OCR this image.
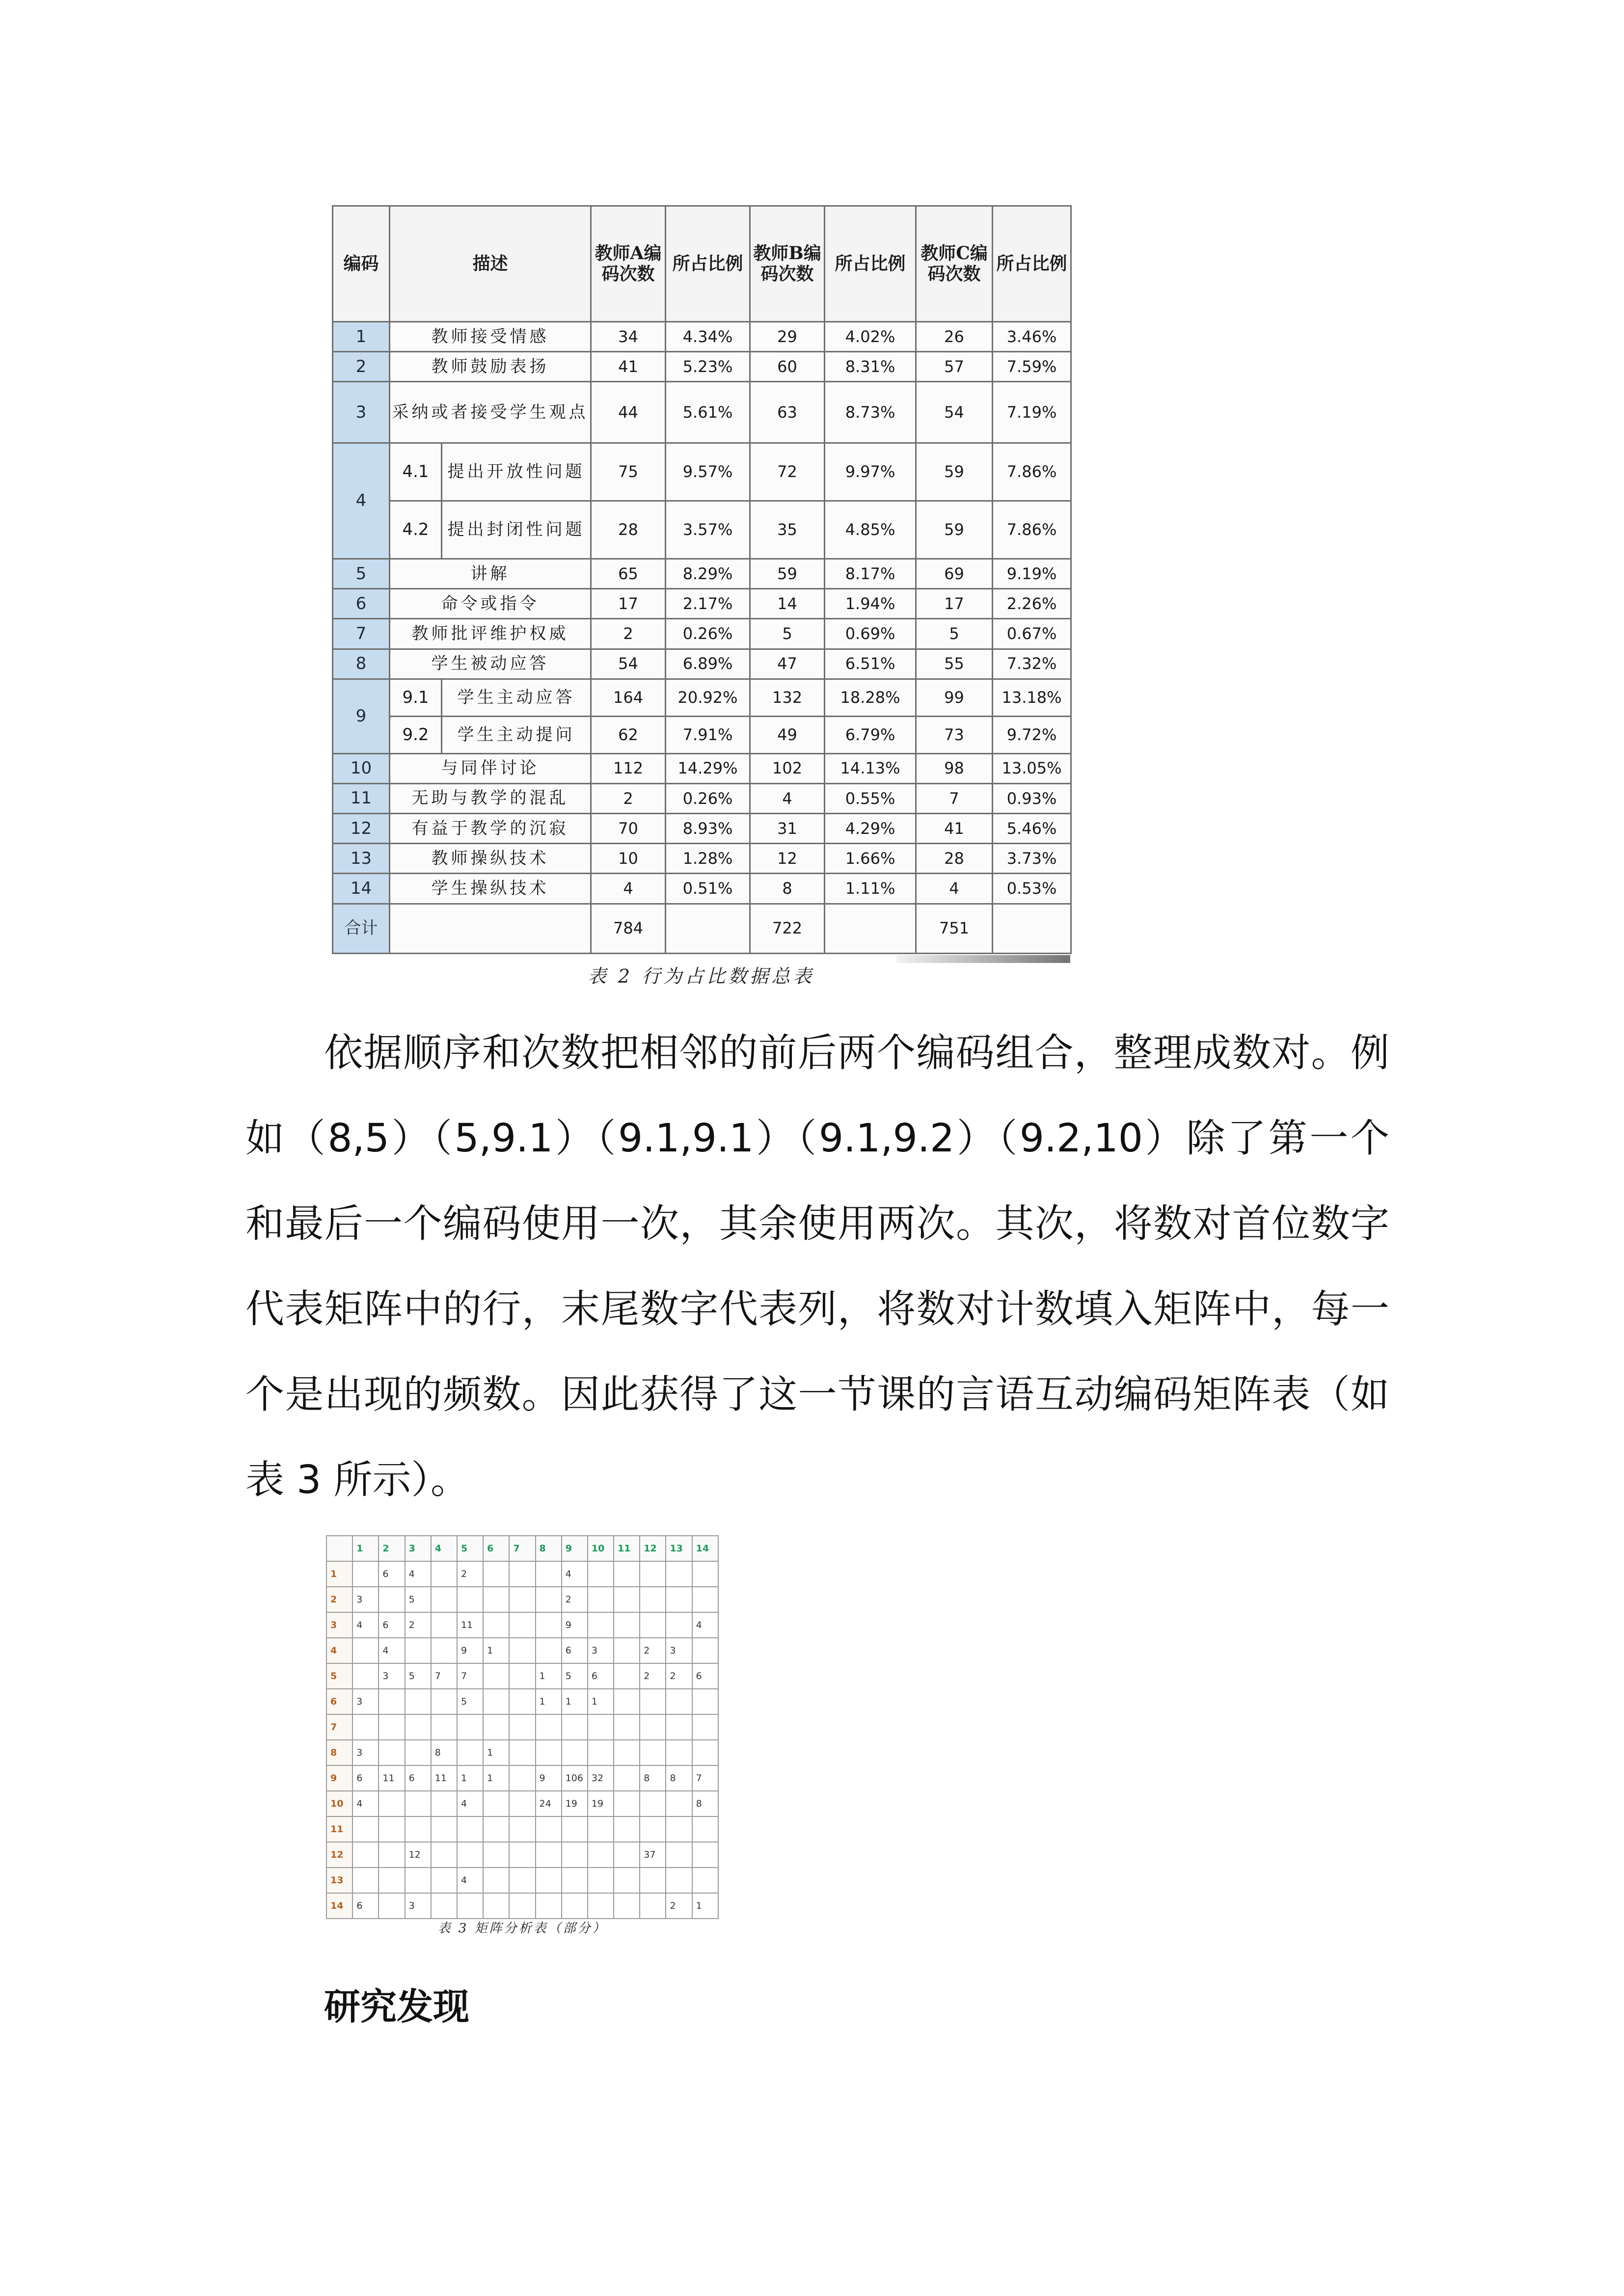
编码	描述		教师A编码次数	所占比例	教师B编码次数	所占比例	教师C编码次数	所占比例
1	教师接受情感		34	4.34%	29	4.02%	26	3.46%
2	教师鼓励表扬		41	5.23%	60	8.31%	57	7.59%
3	采纳或者接受学生观点		44	5.61%	63	8.73%	54	7.19%
4	4.1	提出开放性问题	75	9.57%	72	9.97%	59	7.86%
	4.2	提出封闭性问题	28	3.57%	35	4.85%	59	7.86%
5	讲解		65	8.29%	59	8.17%	69	9.19%
6	命令或指令		17	2.17%	14	1.94%	17	2.26%
7	教师批评维护权威		2	0.26%	5	0.69%	5	0.67%
8	学生被动应答		54	6.89%	47	6.51%	55	7.32%
9	9.1	学生主动应答	164	20.92%	132	18.28%	99	13.18%
	9.2	学生主动提问	62	7.91%	49	6.79%	73	9.72%
10	与同伴讨论		112	14.29%	102	14.13%	98	13.05%
11	无助与教学的混乱		2	0.26%	4	0.55%	7	0.93%
12	有益于教学的沉寂		70	8.93%	31	4.29%	41	5.46%
13	教师操纵技术		10	1.28%	12	1.66%	28	3.73%
14	学生操纵技术		4	0.51%	8	1.11%	4	0.53%
合计			784		722		751	
表 2 行为占比数据总表
依据顺序和次数把相邻的前后两个编码组合，整理成数对。例
如（8,5）（5,9.1）（9.1,9.1）（9.1,9.2）（9.2,10）除了第一个
和最后一个编码使用一次，其余使用两次。其次，将数对首位数字
代表矩阵中的行，末尾数字代表列，将数对计数填入矩阵中，每一
个是出现的频数。因此获得了这一节课的言语互动编码矩阵表（如
表 3 所示）。
	1	2	3	4	5	6	7	8	9	10	11	12	13	14
1		6	4		2				4					
2	3		5						2					
3	4	6	2		11				9					4
4		4			9	1			6	3		2	3	
5		3	5	7	7			1	5	6		2	2	6
6	3				5			1	1	1				
7														
8	3			8		1								
9	6	11	6	11	1	1		9	106	32		8	8	7
10	4				4			24	19	19				8
11														
12			12									37		
13					4									
14	6		3										2	1
表 3 矩阵分析表（部分）
研究发现
